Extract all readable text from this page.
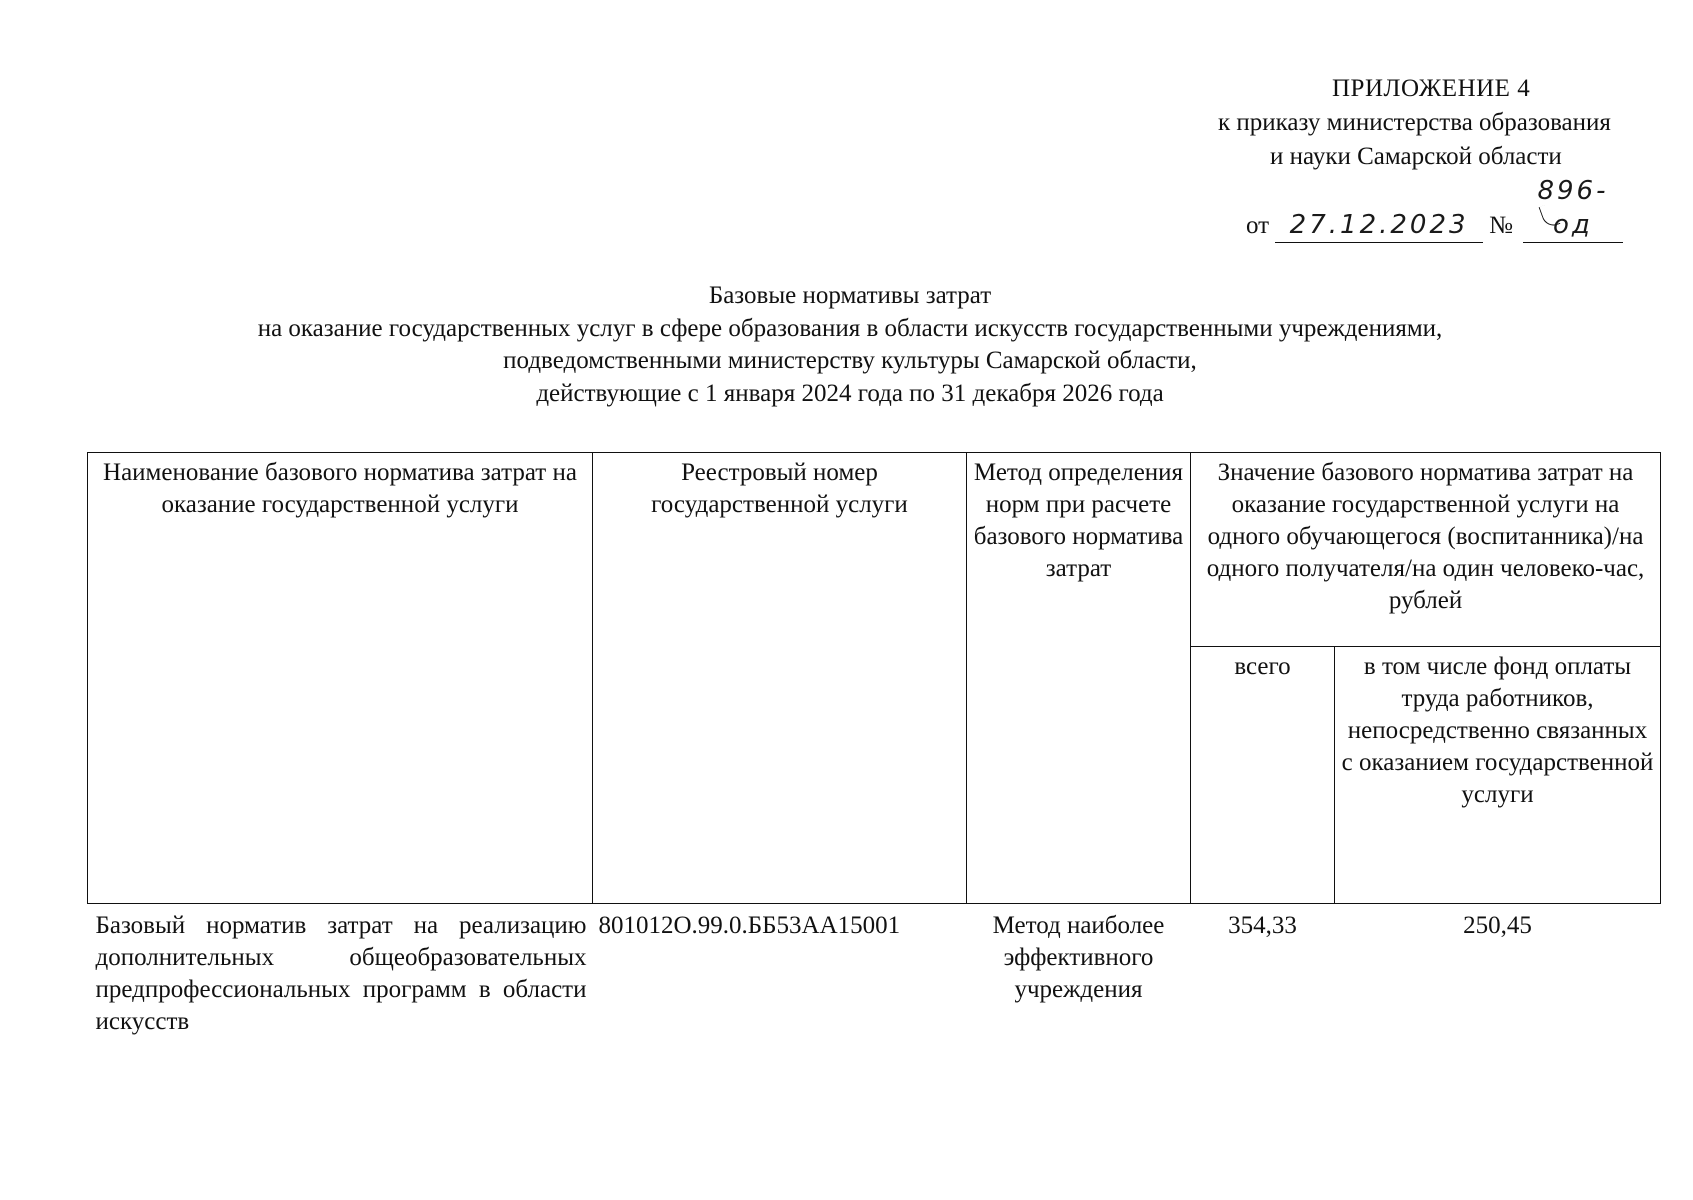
ПРИЛОЖЕНИЕ 4
к приказу министерства образования
и науки Самарской области
от 27.12.2023 №896-од
Базовые нормативы затрат
на оказание государственных услуг в сфере образования в области искусств государственными учреждениями,
подведомственными министерству культуры Самарской области,
действующие с 1 января 2024 года по 31 декабря 2026 года
Наименование базового норматива затрат на оказание государственной услуги	Реестровый номер государственной услуги	Метод определения норм при расчете базового норматива затрат	Значение базового норматива затрат на оказание государственной услуги на одного обучающегося (воспитанника)/на одного получателя/на один человеко-час, рублей	
			всего	в том числе фонд оплаты труда работников, непосредственно связанных с оказанием государственной услуги
Базовый норматив затрат на реализацию дополнительных общеобразовательных предпрофессиональных программ в области искусств	801012О.99.0.ББ53АА15001	Метод наиболее эффективного учреждения	354,33	250,45
